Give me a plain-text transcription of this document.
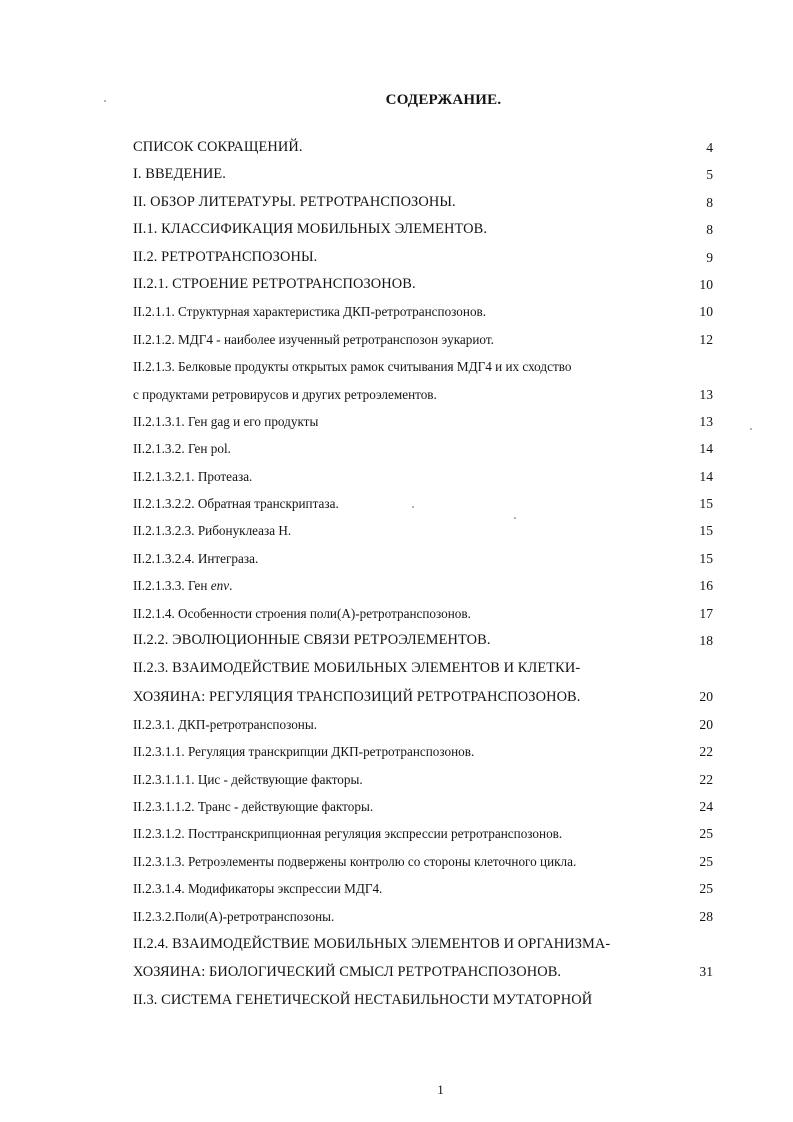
СОДЕРЖАНИЕ.
СПИСОК СОКРАЩЕНИЙ.	4
I. ВВЕДЕНИЕ.	5
II. ОБЗОР ЛИТЕРАТУРЫ. РЕТРОТРАНСПОЗОНЫ.	8
II.1. КЛАССИФИКАЦИЯ МОБИЛЬНЫХ ЭЛЕМЕНТОВ.	8
II.2. РЕТРОТРАНСПОЗОНЫ.	9
II.2.1. СТРОЕНИЕ РЕТРОТРАНСПОЗОНОВ.	10
II.2.1.1. Структурная характеристика ДКП-ретротранспозонов.	10
II.2.1.2. МДГ4 - наиболее изученный ретротранспозон эукариот.	12
II.2.1.3. Белковые продукты открытых рамок считывания МДГ4 и их сходство
с продуктами ретровирусов и других ретроэлементов.	13
II.2.1.3.1. Ген gag и его продукты	13
II.2.1.3.2. Ген pol.	14
II.2.1.3.2.1. Протеаза.	14
II.2.1.3.2.2. Обратная транскриптаза.	15
II.2.1.3.2.3. Рибонуклеаза Н.	15
II.2.1.3.2.4. Интеграза.	15
II.2.1.3.3. Ген env.	16
II.2.1.4. Особенности строения поли(А)-ретротранспозонов.	17
II.2.2. ЭВОЛЮЦИОННЫЕ СВЯЗИ РЕТРОЭЛЕМЕНТОВ.	18
II.2.3. ВЗАИМОДЕЙСТВИЕ МОБИЛЬНЫХ ЭЛЕМЕНТОВ И КЛЕТКИ-
ХОЗЯИНА: РЕГУЛЯЦИЯ ТРАНСПОЗИЦИЙ РЕТРОТРАНСПОЗОНОВ.	20
II.2.3.1. ДКП-ретротранспозоны.	20
II.2.3.1.1. Регуляция транскрипции ДКП-ретротранспозонов.	22
II.2.3.1.1.1. Цис - действующие факторы.	22
II.2.3.1.1.2. Транс - действующие факторы.	24
II.2.3.1.2. Посттранскрипционная регуляция экспрессии ретротранспозонов.	25
II.2.3.1.3. Ретроэлементы подвержены контролю со стороны клеточного цикла.	25
II.2.3.1.4. Модификаторы экспрессии МДГ4.	25
II.2.3.2.Поли(А)-ретротранспозоны.	28
II.2.4. ВЗАИМОДЕЙСТВИЕ МОБИЛЬНЫХ ЭЛЕМЕНТОВ И ОРГАНИЗМА-
ХОЗЯИНА: БИОЛОГИЧЕСКИЙ СМЫСЛ РЕТРОТРАНСПОЗОНОВ.	31
II.3. СИСТЕМА ГЕНЕТИЧЕСКОЙ НЕСТАБИЛЬНОСТИ МУТАТОРНОЙ
1
